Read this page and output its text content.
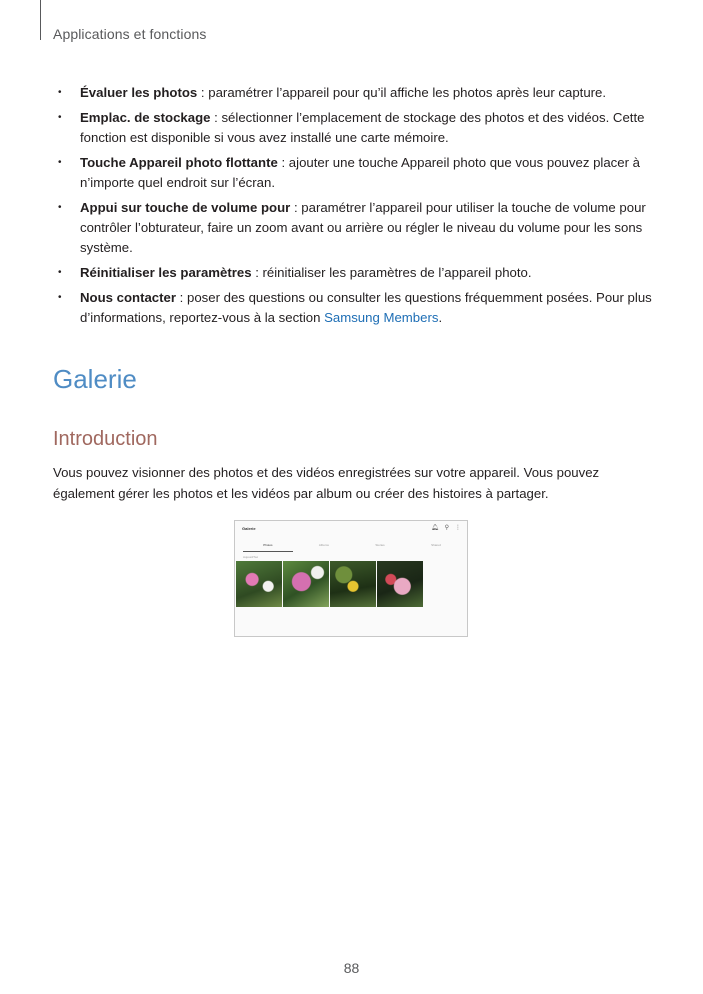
Applications et fonctions
• Évaluer les photos : paramétrer l’appareil pour qu’il affiche les photos après leur capture.
• Emplac. de stockage : sélectionner l’emplacement de stockage des photos et des vidéos. Cette fonction est disponible si vous avez installé une carte mémoire.
• Touche Appareil photo flottante : ajouter une touche Appareil photo que vous pouvez placer à n’importe quel endroit sur l’écran.
• Appui sur touche de volume pour : paramétrer l’appareil pour utiliser la touche de volume pour contrôler l’obturateur, faire un zoom avant ou arrière ou régler le niveau du volume pour les sons système.
• Réinitialiser les paramètres : réinitialiser les paramètres de l’appareil photo.
• Nous contacter : poser des questions ou consulter les questions fréquemment posées. Pour plus d’informations, reportez-vous à la section Samsung Members.
Galerie
Introduction
Vous pouvez visionner des photos et des vidéos enregistrées sur votre appareil. Vous pouvez également gérer les photos et les vidéos par album ou créer des histoires à partager.
Galerie	🔔︎ ⚲ ⋮
Photos	Albums	Stories	Shared
Aujourd'hui
88
